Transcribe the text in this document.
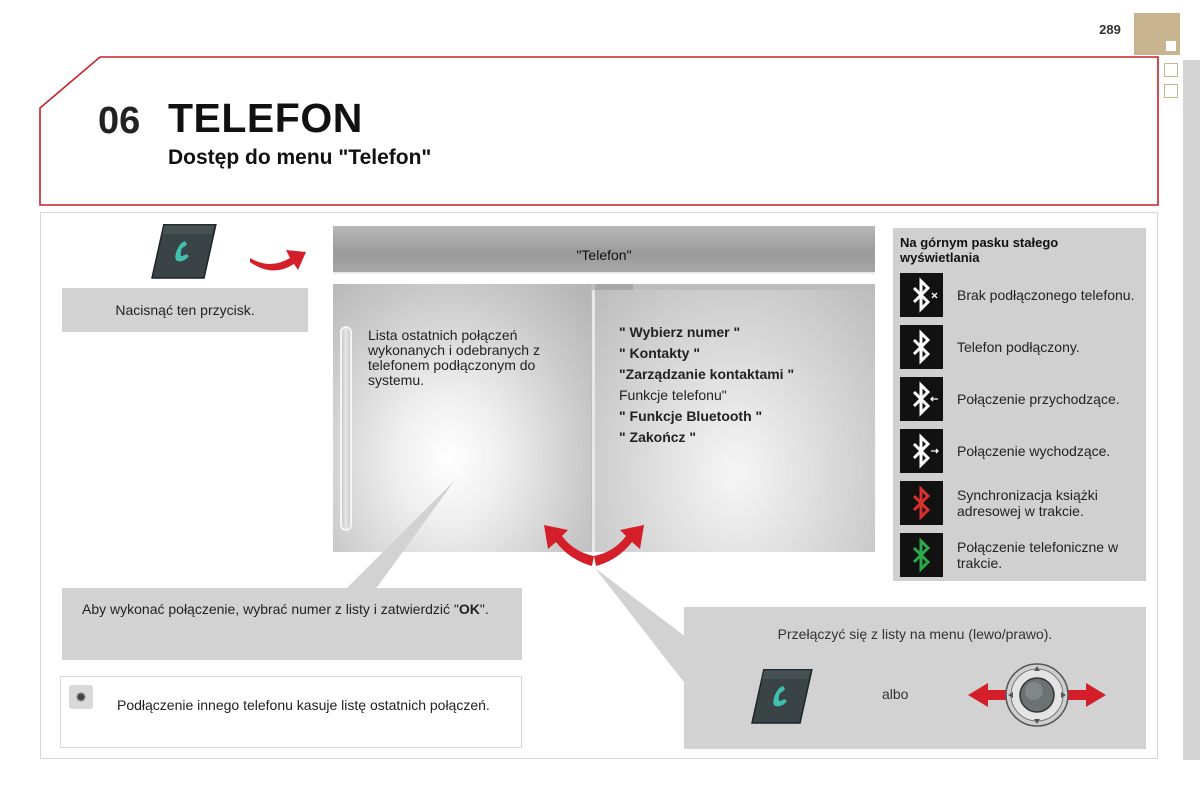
289
06 TELEFON
Dostęp do menu "Telefon"
Nacisnąć ten przycisk.
"Telefon"
Lista ostatnich połączeń wykonanych i odebranych z telefonem podłączonym do systemu.
" Wybierz numer "
" Kontakty "
"Zarządzanie kontaktami "
Funkcje telefonu"
" Funkcje Bluetooth "
" Zakończ "
Na górnym pasku stałego wyświetlania
Brak podłączonego telefonu.
Telefon podłączony.
Połączenie przychodzące.
Połączenie wychodzące.
Synchronizacja książki adresowej w trakcie.
Połączenie telefoniczne w trakcie.
Aby wykonać połączenie, wybrać numer z listy i zatwierdzić "OK".
✹
Podłączenie innego telefonu kasuje listę ostatnich połączeń.
Przełączyć się z listy na menu (lewo/prawo).
albo
